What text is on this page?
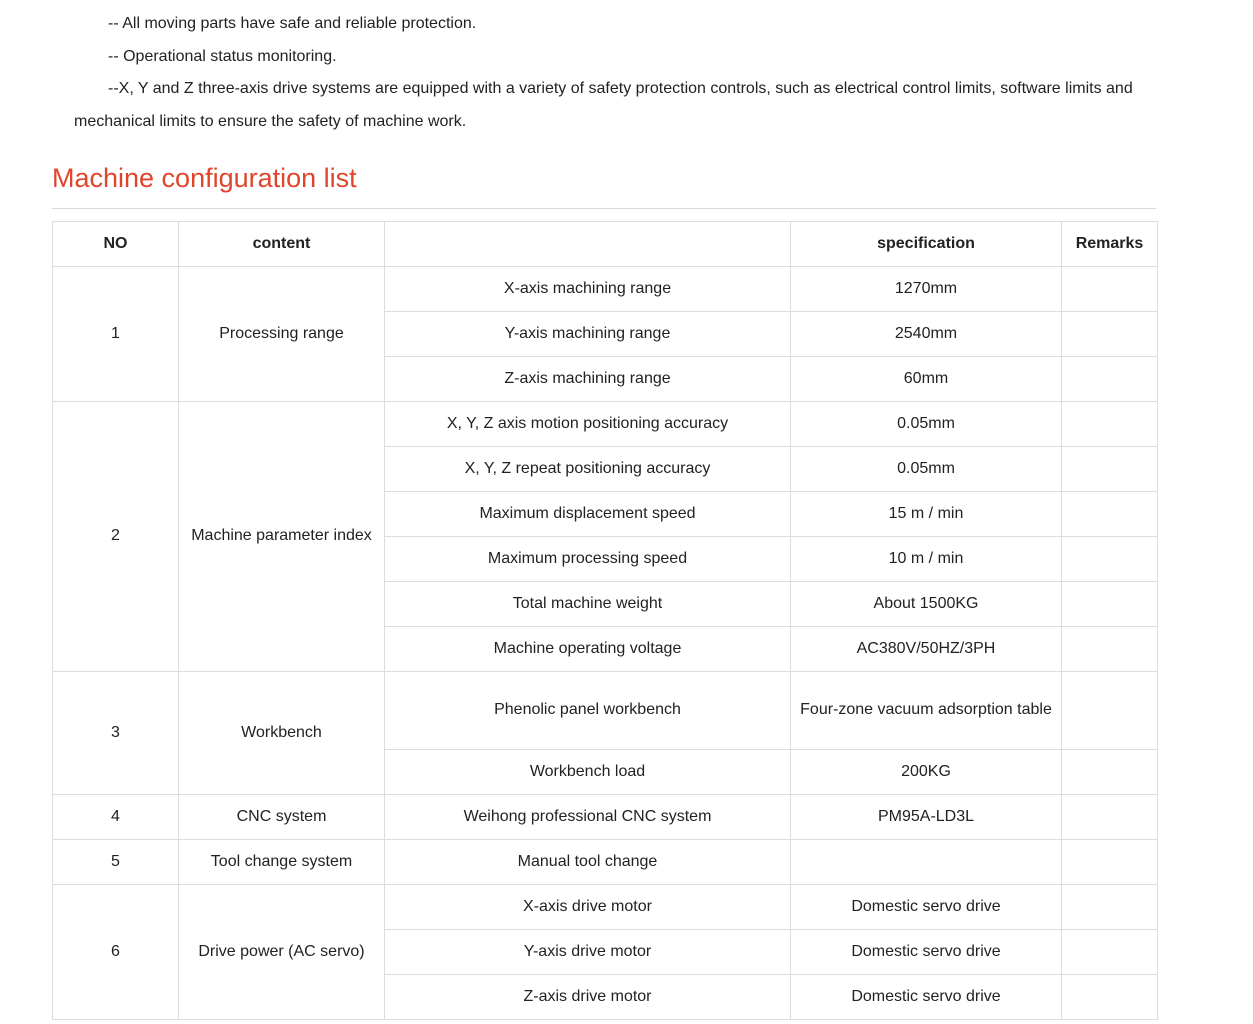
-- All moving parts have safe and reliable protection.

-- Operational status monitoring.

--X, Y and Z three-axis drive systems are equipped with a variety of safety protection controls, such as electrical control limits, software limits and mechanical limits to ensure the safety of machine work.

Machine configuration list
NO	content		specification	Remarks
1	Processing range	X-axis machining range	1270mm	
		Y-axis machining range	2540mm	
		Z-axis machining range	60mm	
2	Machine parameter index	X, Y, Z axis motion positioning accuracy	0.05mm	
		X, Y, Z repeat positioning accuracy	0.05mm	
		Maximum displacement speed	15 m / min	
		Maximum processing speed	10 m / min	
		Total machine weight	About 1500KG	
		Machine operating voltage	AC380V/50HZ/3PH	
3	Workbench	Phenolic panel workbench	Four-zone vacuum adsorption table	
		Workbench load	200KG	
4	CNC system	Weihong professional CNC system	PM95A-LD3L	
5	Tool change system	Manual tool change		
6	Drive power (AC servo)	X-axis drive motor	Domestic servo drive	
		Y-axis drive motor	Domestic servo drive	
		Z-axis drive motor	Domestic servo drive	
